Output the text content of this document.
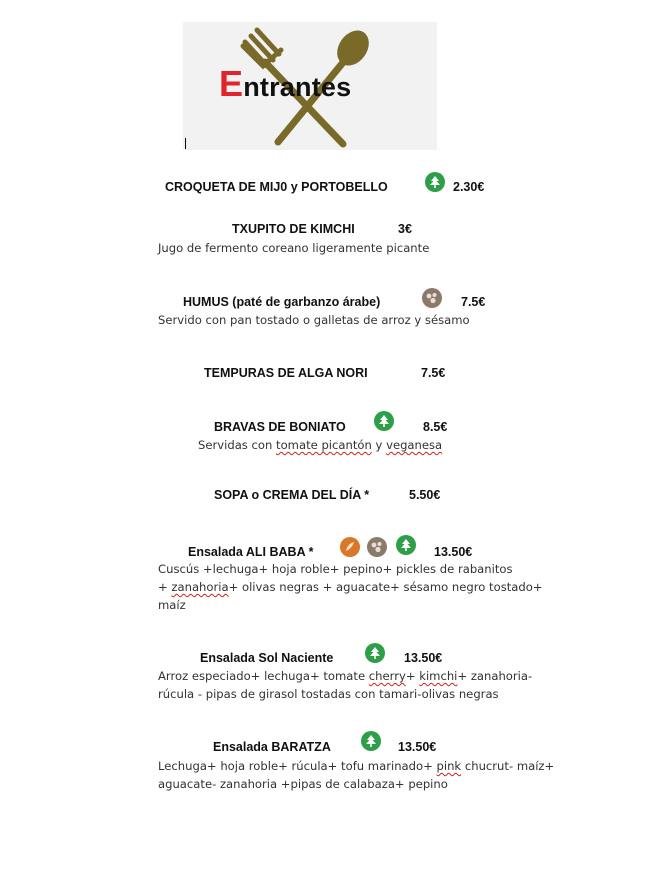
Entrantes
CROQUETA DE MIJ0 y PORTOBELLO	2.30€
TXUPITO DE KIMCHI	3€
Jugo de fermento coreano ligeramente picante
HUMUS (paté de garbanzo árabe)	7.5€
Servido con pan tostado o galletas de arroz y sésamo
TEMPURAS DE ALGA NORI	7.5€
BRAVAS DE BONIATO	8.5€
Servidas con tomate picantón y veganesa
SOPA o CREMA DEL DÍA *	5.50€
Ensalada ALI BABA *	13.50€
Cuscús +lechuga+ hoja roble+ pepino+ pickles de rabanitos
+ zanahoria+ olivas negras + aguacate+ sésamo negro tostado+
maíz
Ensalada Sol Naciente	13.50€
Arroz especiado+ lechuga+ tomate cherry+ kimchi+ zanahoria-
rúcula - pipas de girasol tostadas con tamari-olivas negras
Ensalada BARATZA	13.50€
Lechuga+ hoja roble+ rúcula+ tofu marinado+ pink chucrut- maíz+
aguacate- zanahoria +pipas de calabaza+ pepino
